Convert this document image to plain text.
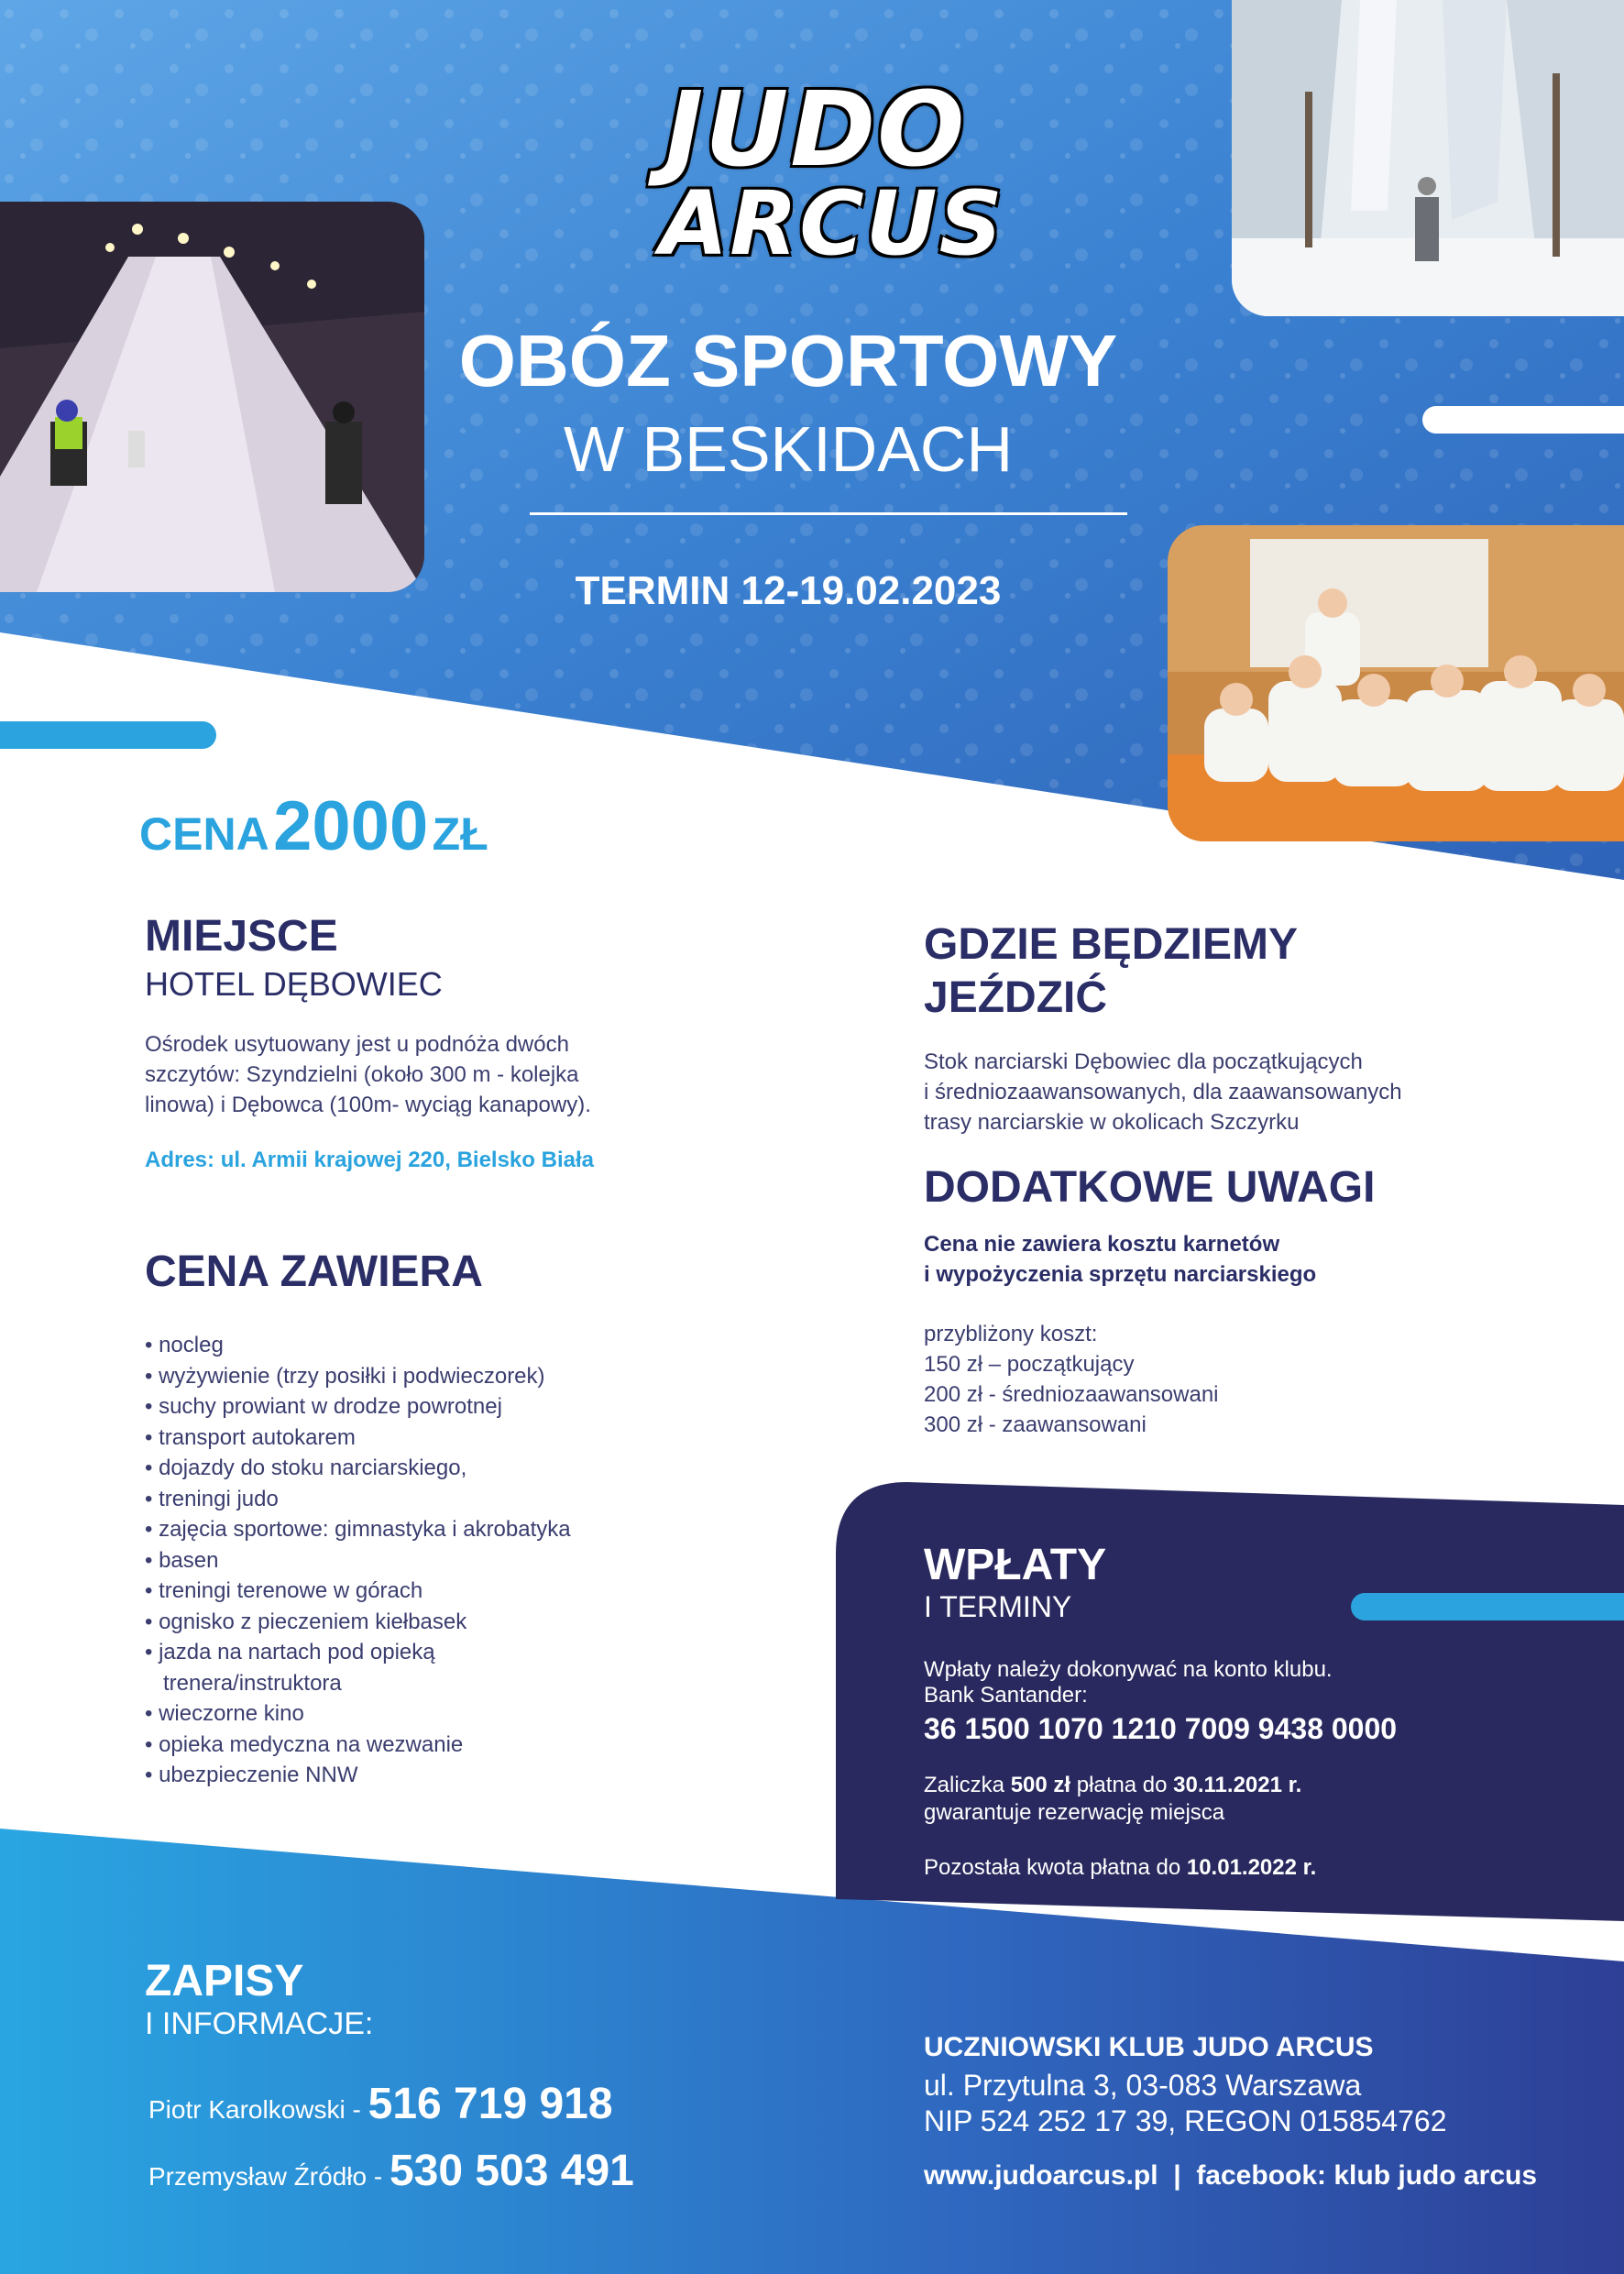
JUDO
ARCUS
OBÓZ SPORTOWY
W BESKIDACH
TERMIN 12-19.02.2023
CENA 2000 ZŁ
MIEJSCE
HOTEL DĘBOWIEC
Ośrodek usytuowany jest u podnóża dwóch
szczytów: Szyndzielni (około 300 m - kolejka
linowa) i Dębowca (100m- wyciąg kanapowy).
Adres: ul. Armii krajowej 220, Bielsko Biała
CENA ZAWIERA
• nocleg
• wyżywienie (trzy posiłki i podwieczorek)
• suchy prowiant w drodze powrotnej
• transport autokarem
• dojazdy do stoku narciarskiego,
• treningi judo
• zajęcia sportowe: gimnastyka i akrobatyka
• basen
• treningi terenowe w górach
• ognisko z pieczeniem kiełbasek
• jazda na nartach pod opieką
trenera/instruktora
• wieczorne kino
• opieka medyczna na wezwanie
• ubezpieczenie NNW
GDZIE BĘDZIEMY
JEŹDZIĆ
Stok narciarski Dębowiec dla początkujących
i średniozaawansowanych, dla zaawansowanych
trasy narciarskie w okolicach Szczyrku
DODATKOWE UWAGI
Cena nie zawiera kosztu karnetów
i wypożyczenia sprzętu narciarskiego
przybliżony koszt:
150 zł – początkujący
200 zł - średniozaawansowani
300 zł - zaawansowani
WPŁATY
I TERMINY
Wpłaty należy dokonywać na konto klubu.
Bank Santander:
36 1500 1070 1210 7009 9438 0000
Zaliczka 500 zł płatna do 30.11.2021 r.
gwarantuje rezerwację miejsca
Pozostała kwota płatna do 10.01.2022 r.
ZAPISY
I INFORMACJE:
Piotr Karolkowski - 516 719 918
Przemysław Źródło - 530 503 491
UCZNIOWSKI KLUB JUDO ARCUS
ul. Przytulna 3, 03-083 Warszawa
NIP 524 252 17 39, REGON 015854762
www.judoarcus.pl  |  facebook: klub judo arcus
